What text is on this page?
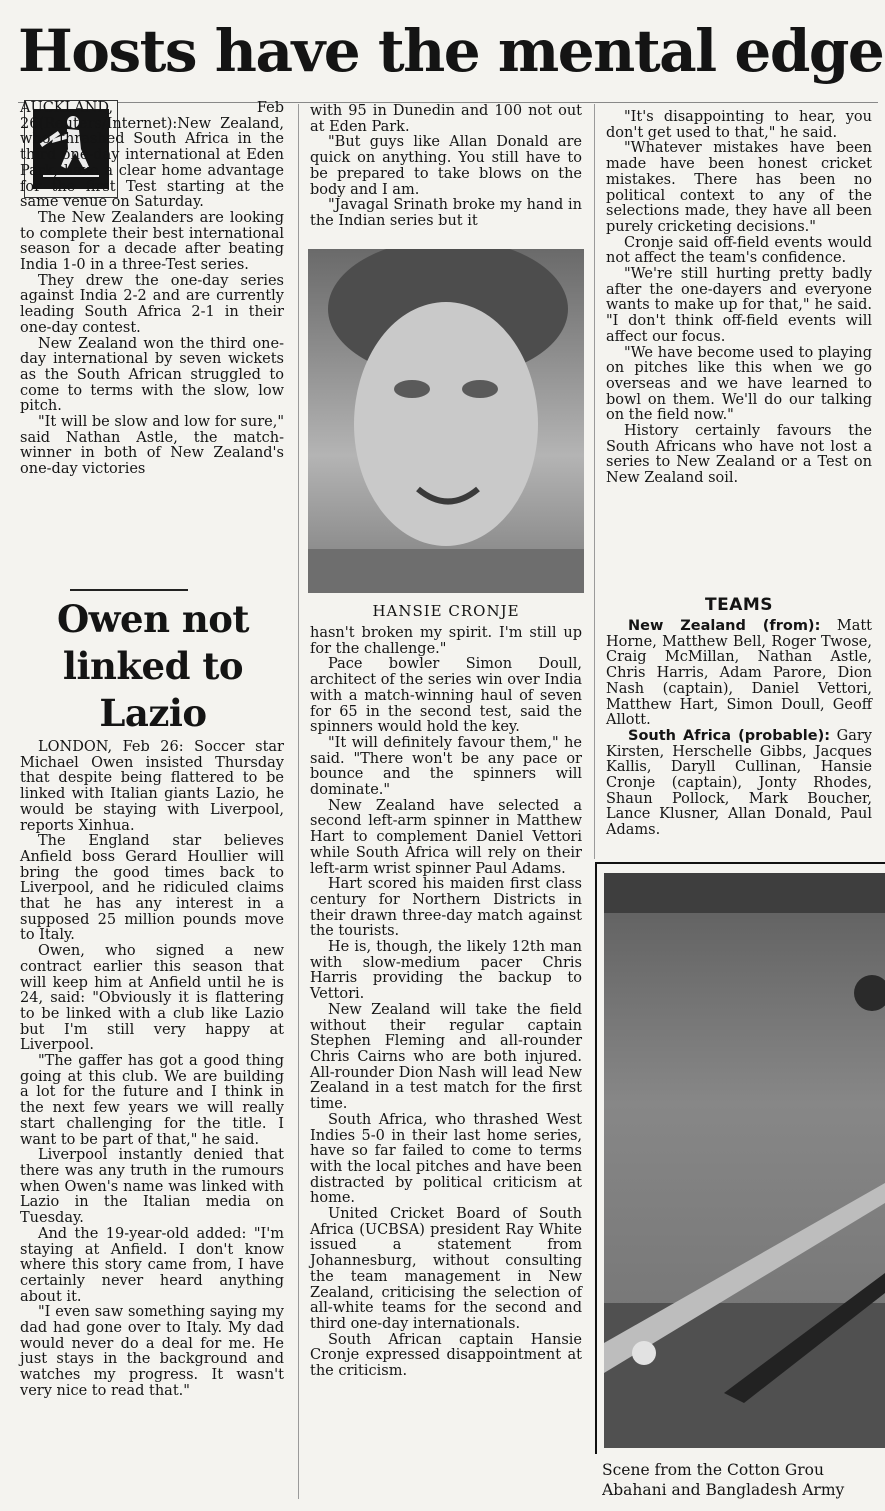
Hosts have the mental edge

AUCKLAND, Feb 26(Reuters/Internet):New Zealand, who thrashed South Africa in the third one-day international at Eden Park, have a clear home advantage for the first Test starting at the same venue on Saturday.

The New Zealanders are looking to complete their best international season for a decade after beating India 1-0 in a three-Test series.

They drew the one-day series against India 2-2 and are currently leading South Africa 2-1 in their one-day contest.

New Zealand won the third one-day international by seven wickets as the South African struggled to come to terms with the slow, low pitch.

"It will be slow and low for sure," said Nathan Astle, the match-winner in both of New Zealand's one-day victories

Owen not linked to Lazio

LONDON, Feb 26: Soccer star Michael Owen insisted Thursday that despite being flattered to be linked with Italian giants Lazio, he would be staying with Liverpool, reports Xinhua.

The England star believes Anfield boss Gerard Houllier will bring the good times back to Liverpool, and he ridiculed claims that he has any interest in a supposed 25 million pounds move to Italy.

Owen, who signed a new contract earlier this season that will keep him at Anfield until he is 24, said: "Obviously it is flattering to be linked with a club like Lazio but I'm still very happy at Liverpool.

"The gaffer has got a good thing going at this club. We are building a lot for the future and I think in the next few years we will really start challenging for the title. I want to be part of that," he said.

Liverpool instantly denied that there was any truth in the rumours when Owen's name was linked with Lazio in the Italian media on Tuesday.

And the 19-year-old added: "I'm staying at Anfield. I don't know where this story came from, I have certainly never heard anything about it.

"I even saw something saying my dad had gone over to Italy. My dad would never do a deal for me. He just stays in the background and watches my progress. It wasn't very nice to read that."

with 95 in Dunedin and 100 not out at Eden Park.

"But guys like Allan Donald are quick on anything. You still have to be prepared to take blows on the body and I am.

"Javagal Srinath broke my hand in the Indian series but it

HANSIE CRONJE

hasn't broken my spirit. I'm still up for the challenge."

Pace bowler Simon Doull, architect of the series win over India with a match-winning haul of seven for 65 in the second test, said the spinners would hold the key.

"It will definitely favour them," he said. "There won't be any pace or bounce and the spinners will dominate."

New Zealand have selected a second left-arm spinner in Matthew Hart to complement Daniel Vettori while South Africa will rely on their left-arm wrist spinner Paul Adams.

Hart scored his maiden first class century for Northern Districts in their drawn three-day match against the tourists.

He is, though, the likely 12th man with slow-medium pacer Chris Harris providing the backup to Vettori.

New Zealand will take the field without their regular captain Stephen Fleming and all-rounder Chris Cairns who are both injured. All-rounder Dion Nash will lead New Zealand in a test match for the first time.

South Africa, who thrashed West Indies 5-0 in their last home series, have so far failed to come to terms with the local pitches and have been distracted by political criticism at home.

United Cricket Board of South Africa (UCBSA) president Ray White issued a statement from Johannesburg, without consulting the team management in New Zealand, criticising the selection of all-white teams for the second and third one-day internationals.

South African captain Hansie Cronje expressed disappointment at the criticism.

"It's disappointing to hear, you don't get used to that," he said.

"Whatever mistakes have been made have been honest cricket mistakes. There has been no political context to any of the selections made, they have all been purely cricketing decisions."

Cronje said off-field events would not affect the team's confidence.

"We're still hurting pretty badly after the one-dayers and everyone wants to make up for that," he said. "I don't think off-field events will affect our focus.

"We have become used to playing on pitches like this when we go overseas and we have learned to bowl on them. We'll do our talking on the field now."

History certainly favours the South Africans who have not lost a series to New Zealand or a Test on New Zealand soil.

TEAMS

New Zealand (from): Matt Horne, Matthew Bell, Roger Twose, Craig McMillan, Nathan Astle, Chris Harris, Adam Parore, Dion Nash (captain), Daniel Vettori, Matthew Hart, Simon Doull, Geoff Allott.

South Africa (probable): Gary Kirsten, Herschelle Gibbs, Jacques Kallis, Daryll Cullinan, Hansie Cronje (captain), Jonty Rhodes, Shaun Pollock, Mark Boucher, Lance Klusner, Allan Donald, Paul Adams.

Scene from the Cotton Grou
Abahani and Bangladesh Army
